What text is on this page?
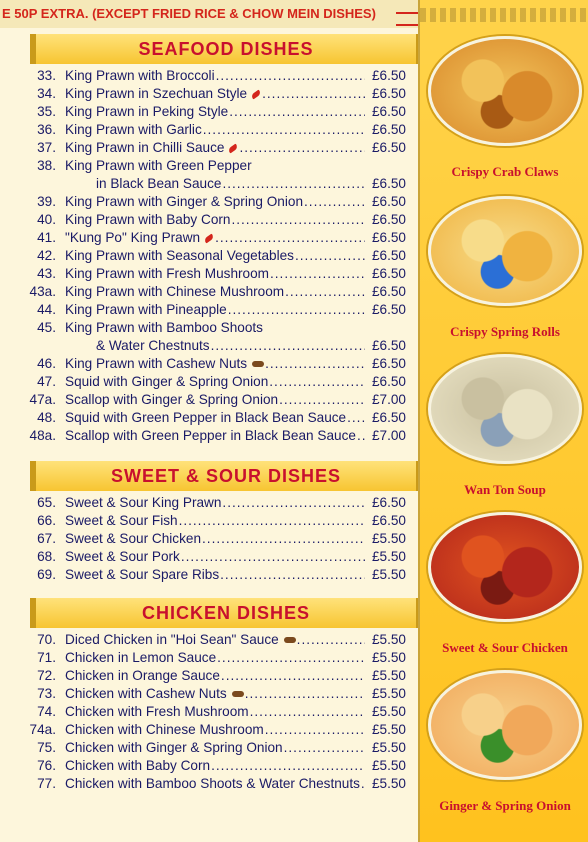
E 50P EXTRA. (EXCEPT FRIED RICE & CHOW MEIN DISHES)
SEAFOOD DISHES
33. King Prawn with Broccoli .....	£6.50
34. King Prawn in Szechuan Style .....	£6.50
35. King Prawn in Peking Style .....	£6.50
36. King Prawn with Garlic .....	£6.50
37. King Prawn in Chilli Sauce .....	£6.50
38. King Prawn with Green Pepper
in Black Bean Sauce .....	£6.50
39. King Prawn with Ginger & Spring Onion .....	£6.50
40. King Prawn with Baby Corn .....	£6.50
41. "Kung Po" King Prawn .....	£6.50
42. King Prawn with Seasonal Vegetables .....	£6.50
43. King Prawn with Fresh Mushroom .....	£6.50
43a. King Prawn with Chinese Mushroom .....	£6.50
44. King Prawn with Pineapple .....	£6.50
45. King Prawn with Bamboo Shoots
& Water Chestnuts .....	£6.50
46. King Prawn with Cashew Nuts .....	£6.50
47. Squid with Ginger & Spring Onion .....	£6.50
47a. Scallop with Ginger & Spring Onion .....	£7.00
48. Squid with Green Pepper in Black Bean Sauce .....	£6.50
48a. Scallop with Green Pepper in Black Bean Sauce .....	£7.00
SWEET & SOUR DISHES
65. Sweet & Sour King Prawn .....	£6.50
66. Sweet & Sour Fish .....	£6.50
67. Sweet & Sour Chicken .....	£5.50
68. Sweet & Sour Pork .....	£5.50
69. Sweet & Sour Spare Ribs .....	£5.50
CHICKEN DISHES
70. Diced Chicken in "Hoi Sean" Sauce .....	£5.50
71. Chicken in Lemon Sauce .....	£5.50
72. Chicken in Orange Sauce .....	£5.50
73. Chicken with Cashew Nuts .....	£5.50
74. Chicken with Fresh Mushroom .....	£5.50
74a. Chicken with Chinese Mushroom .....	£5.50
75. Chicken with Ginger & Spring Onion .....	£5.50
76. Chicken with Baby Corn .....	£5.50
77. Chicken with Bamboo Shoots & Water Chestnuts ..... £5.50
Crispy Crab Claws
Crispy Spring Rolls
Wan Ton Soup
Sweet & Sour Chicken
Ginger & Spring Onion
